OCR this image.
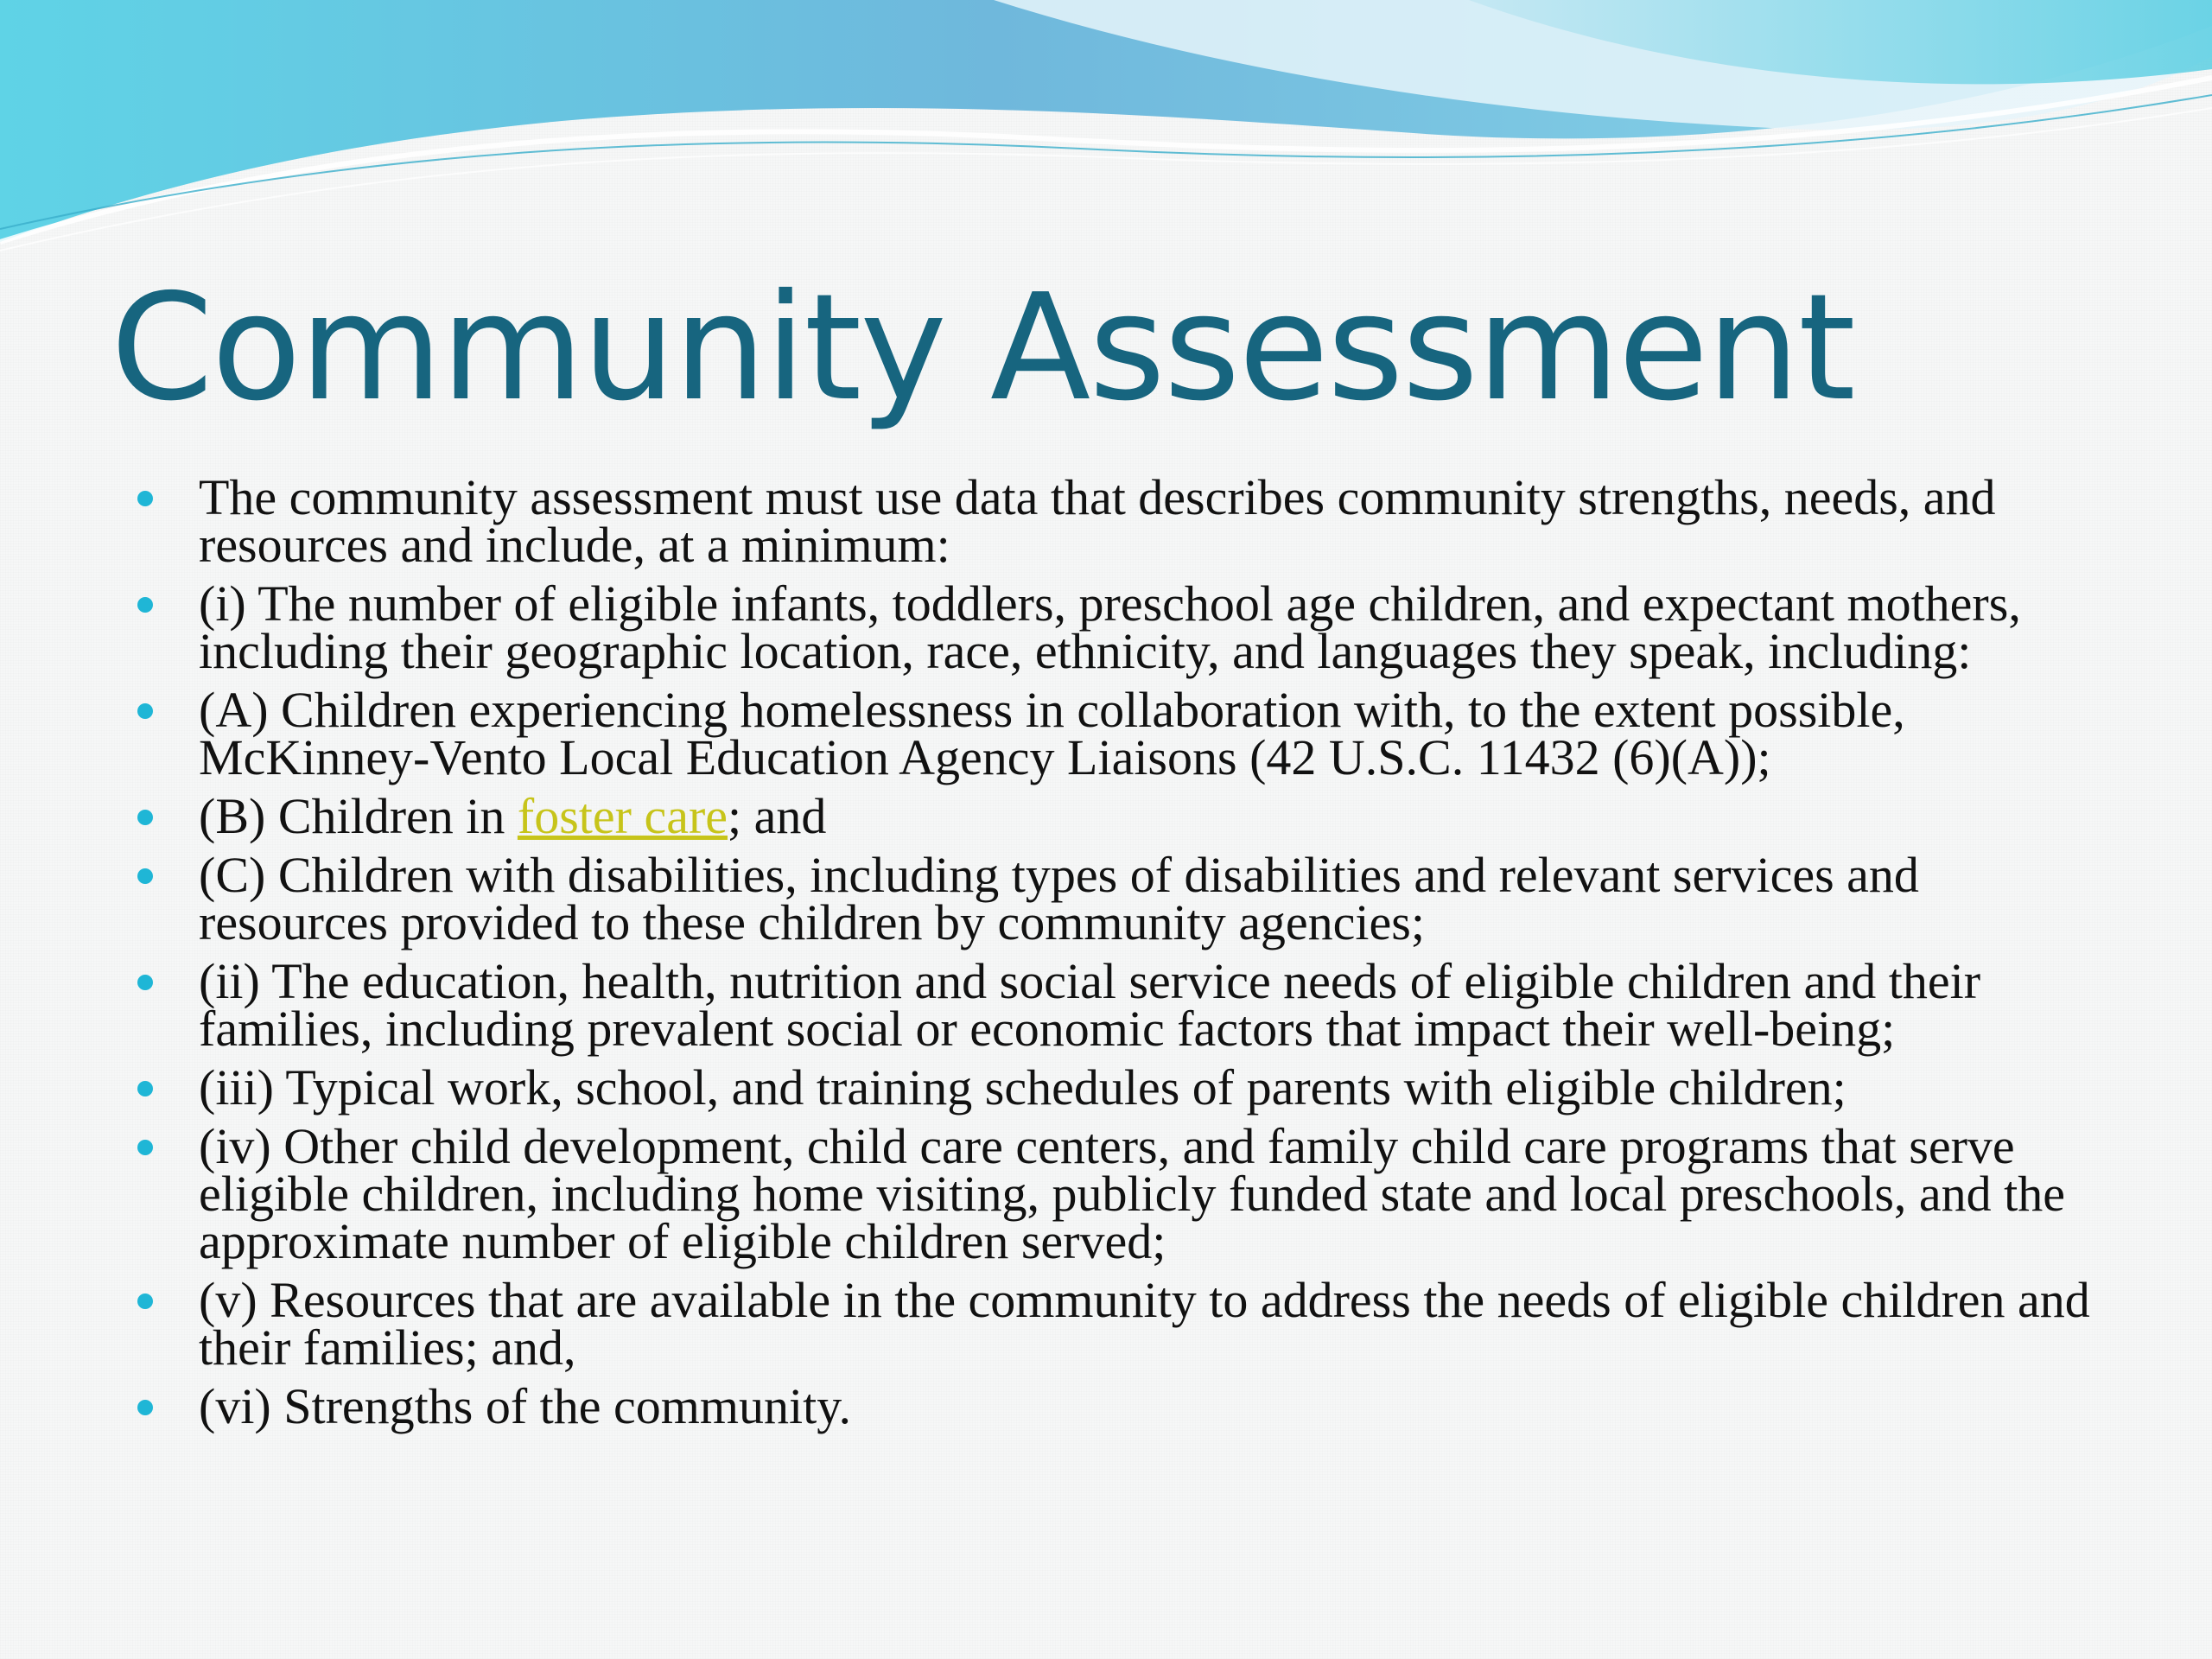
Community Assessment
The community assessment must use data that describes community strengths, needs, and resources and include, at a minimum:
(i) The number of eligible infants, toddlers, preschool age children, and expectant mothers, including their geographic location, race, ethnicity, and languages they speak, including:
(A) Children experiencing homelessness in collaboration with, to the extent possible, McKinney-Vento Local Education Agency Liaisons (42 U.S.C. 11432 (6)(A));
(B) Children in foster care; and
(C) Children with disabilities, including types of disabilities and relevant services and resources provided to these children by community agencies;
(ii) The education, health, nutrition and social service needs of eligible children and their families, including prevalent social or economic factors that impact their well-being;
(iii) Typical work, school, and training schedules of parents with eligible children;
(iv) Other child development, child care centers, and family child care programs that serve eligible children, including home visiting, publicly funded state and local preschools, and the approximate number of eligible children served;
(v) Resources that are available in the community to address the needs of eligible children and their families; and,
(vi) Strengths of the community.
